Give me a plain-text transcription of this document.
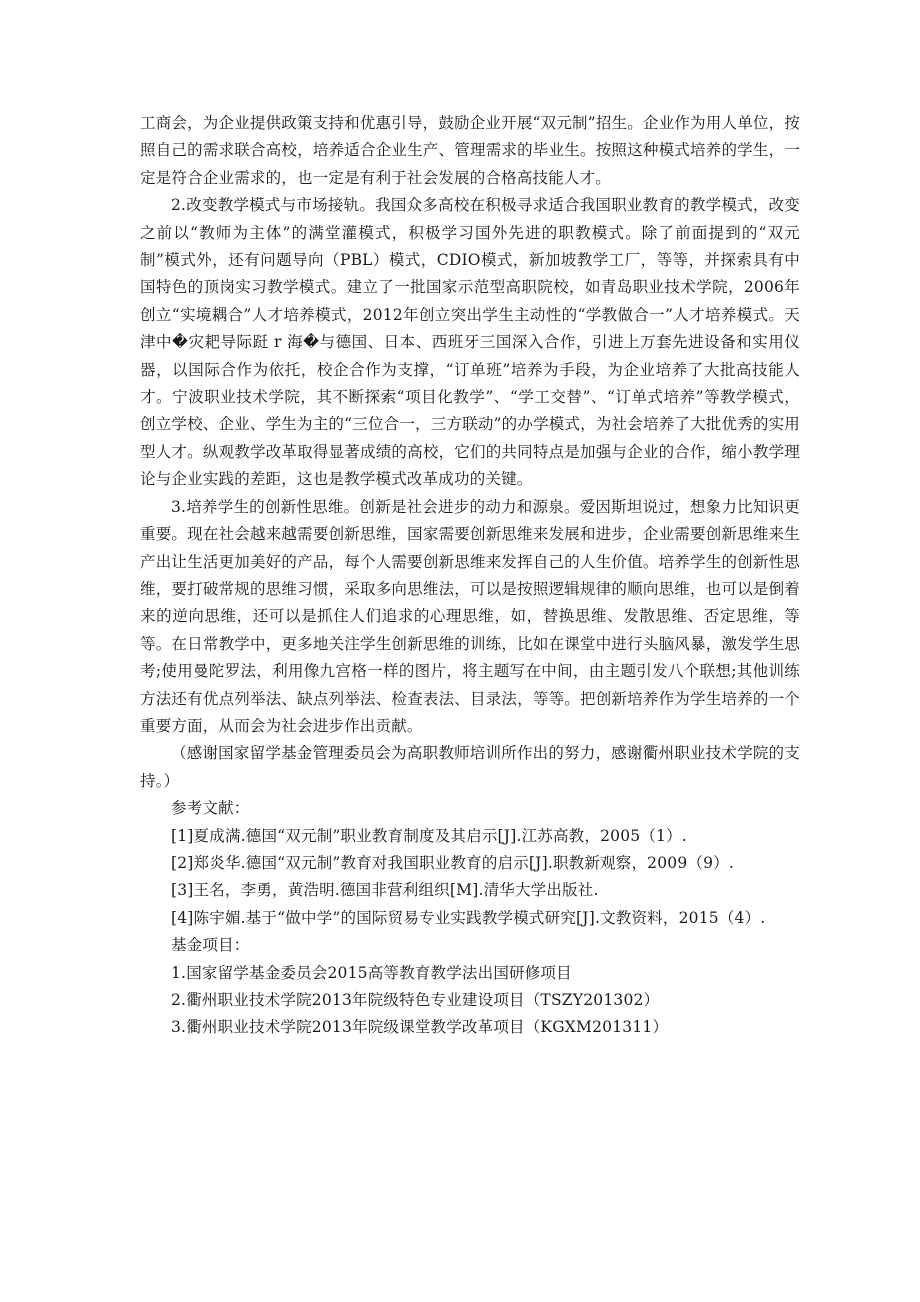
工商会，为企业提供政策支持和优惠引导，鼓励企业开展“双元制”招生。企业作为用人单位，按照自己的需求联合高校，培养适合企业生产、管理需求的毕业生。按照这种模式培养的学生，一定是符合企业需求的，也一定是有利于社会发展的合格高技能人才。

2.改变教学模式与市场接轨。我国众多高校在积极寻求适合我国职业教育的教学模式，改变之前以“教师为主体”的满堂灌模式，积极学习国外先进的职教模式。除了前面提到的“双元制”模式外，还有问题导向（PBL）模式，CDIO模式，新加坡教学工厂，等等，并探索具有中国特色的顶岗实习教学模式。建立了一批国家示范型高职院校，如青岛职业技术学院，2006年创立“实境耦合”人才培养模式，2012年创立突出学生主动性的“学教做合一”人才培养模式。天津中�灾耙导际跹 r 海�与德国、日本、西班牙三国深入合作，引进上万套先进设备和实用仪器，以国际合作为依托，校企合作为支撑，“订单班”培养为手段，为企业培养了大批高技能人才。宁波职业技术学院，其不断探索“项目化教学”、“学工交替”、“订单式培养”等教学模式，创立学校、企业、学生为主的“三位合一，三方联动”的办学模式，为社会培养了大批优秀的实用型人才。纵观教学改革取得显著成绩的高校，它们的共同特点是加强与企业的合作，缩小教学理论与企业实践的差距，这也是教学模式改革成功的关键。

3.培养学生的创新性思维。创新是社会进步的动力和源泉。爱因斯坦说过，想象力比知识更重要。现在社会越来越需要创新思维，国家需要创新思维来发展和进步，企业需要创新思维来生产出让生活更加美好的产品，每个人需要创新思维来发挥自己的人生价值。培养学生的创新性思维，要打破常规的思维习惯，采取多向思维法，可以是按照逻辑规律的顺向思维，也可以是倒着来的逆向思维，还可以是抓住人们追求的心理思维，如，替换思维、发散思维、否定思维，等等。在日常教学中，更多地关注学生创新思维的训练，比如在课堂中进行头脑风暴，激发学生思考;使用曼陀罗法，利用像九宫格一样的图片，将主题写在中间，由主题引发八个联想;其他训练方法还有优点列举法、缺点列举法、检查表法、目录法，等等。把创新培养作为学生培养的一个重要方面，从而会为社会进步作出贡献。

（感谢国家留学基金管理委员会为高职教师培训所作出的努力，感谢衢州职业技术学院的支持。）

参考文献：

[1]夏成满.德国“双元制”职业教育制度及其启示[J].江苏高教，2005（1）.

[2]郑炎华.德国“双元制”教育对我国职业教育的启示[J].职教新观察，2009（9）.

[3]王名，李勇，黄浩明.德国非营利组织[M].清华大学出版社.

[4]陈宇媚.基于“做中学”的国际贸易专业实践教学模式研究[J].文教资料，2015（4）.

基金项目：

1.国家留学基金委员会2015高等教育教学法出国研修项目

2.衢州职业技术学院2013年院级特色专业建设项目（TSZY201302）

3.衢州职业技术学院2013年院级课堂教学改革项目（KGXM201311）
